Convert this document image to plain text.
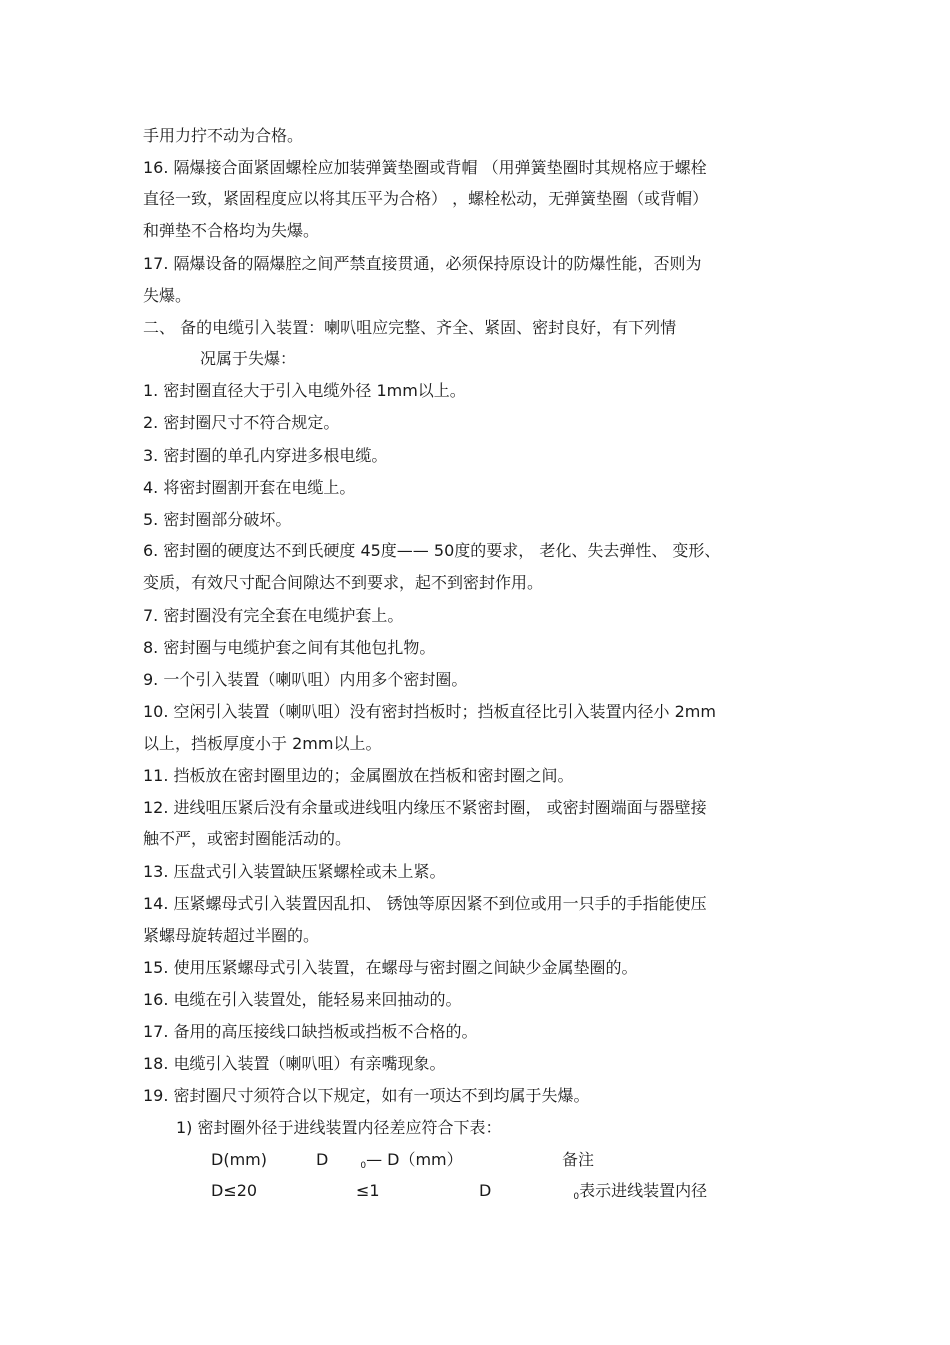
手用力拧不动为合格。
16. 隔爆接合面紧固螺栓应加装弹簧垫圈或背帽 （用弹簧垫圈时其规格应于螺栓
直径一致，紧固程度应以将其压平为合格） ，螺栓松动，无弹簧垫圈（或背帽）
和弹垫不合格均为失爆。
17. 隔爆设备的隔爆腔之间严禁直接贯通，必须保持原设计的防爆性能，否则为
失爆。
二、 备的电缆引入装置：喇叭咀应完整、齐全、紧固、密封良好，有下列情
况属于失爆：
1. 密封圈直径大于引入电缆外径 1mm以上。
2. 密封圈尺寸不符合规定。
3. 密封圈的单孔内穿进多根电缆。
4. 将密封圈割开套在电缆上。
5. 密封圈部分破坏。
6. 密封圈的硬度达不到氏硬度 45度—— 50度的要求， 老化、失去弹性、 变形、
变质，有效尺寸配合间隙达不到要求，起不到密封作用。
7. 密封圈没有完全套在电缆护套上。
8. 密封圈与电缆护套之间有其他包扎物。
9. 一个引入装置（喇叭咀）内用多个密封圈。
10. 空闲引入装置（喇叭咀）没有密封挡板时；挡板直径比引入装置内径小 2mm
以上，挡板厚度小于 2mm以上。
11. 挡板放在密封圈里边的；金属圈放在挡板和密封圈之间。
12. 进线咀压紧后没有余量或进线咀内缘压不紧密封圈， 或密封圈端面与器壁接
触不严，或密封圈能活动的。
13. 压盘式引入装置缺压紧螺栓或未上紧。
14. 压紧螺母式引入装置因乱扣、 锈蚀等原因紧不到位或用一只手的手指能使压
紧螺母旋转超过半圈的。
15. 使用压紧螺母式引入装置，在螺母与密封圈之间缺少金属垫圈的。
16. 电缆在引入装置处，能轻易来回抽动的。
17. 备用的高压接线口缺挡板或挡板不合格的。
18. 电缆引入装置（喇叭咀）有亲嘴现象。
19. 密封圈尺寸须符合以下规定，如有一项达不到均属于失爆。
1) 密封圈外径于进线装置内径差应符合下表：
D(mm)	D	0— D（mm）	备注
D≤20	≤1	D	0表示进线装置内径
